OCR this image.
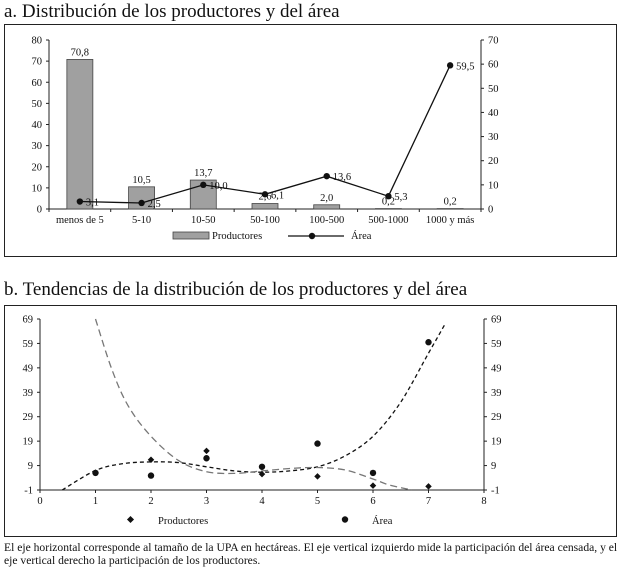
a. Distribución de los productores y del área
70,8
10,5
13,7
2,6	2,0	0,2	0,2
3,1	2,5
10,0
6,1
13,6
5,3
59,5
0
10
20
30
40
50
60
70
80
0
10
20
30
40
50
60
70
menos de 5	5-10	10-50	50-100	100-500 500-1000 1000 y más
Productores	Área
b. Tendencias de la distribución de los productores y del área
-1
9
19
29
39
49
59
69
-1
9
19
29
39
49
59
69
0	1	2	3	4	5	6	7	8
Productores	Área
El eje horizontal corresponde al tamaño de la UPA en hectáreas. El eje vertical izquierdo mide la participación del área censada, y el eje vertical derecho la participación de los productores.
